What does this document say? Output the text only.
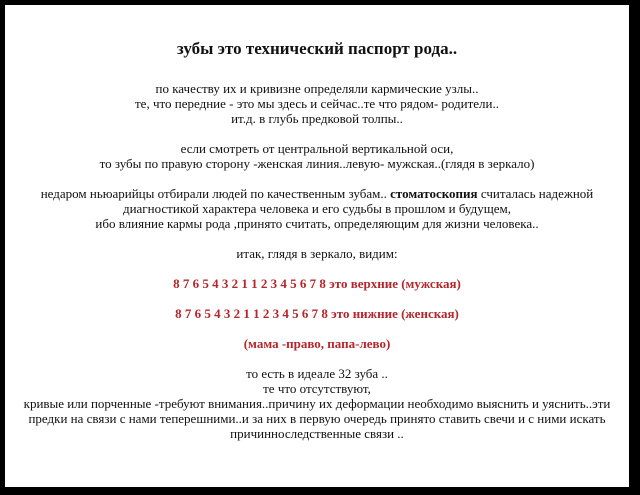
зубы это технический паспорт рода..
по качеству их и кривизне определяли кармические узлы..
те, что передние - это мы здесь и сейчас..те что рядом- родители..
ит.д. в глубь предковой толпы..
если смотреть от центральной вертикальной оси,
то зубы по правую сторону -женская линия..левую- мужская..(глядя в зеркало)
недаром ньюарийцы отбирали людей по качественным зубам.. стоматоскопия считалась надежной
диагностикой характера человека и его судьбы в прошлом и будущем,
ибо влияние кармы рода ,принято считать, определяющим для жизни человека..
итак, глядя в зеркало, видим:
8 7 6 5 4 3 2 1 1 2 3 4 5 6 7 8 это верхние (мужская)
8 7 6 5 4 3 2 1 1 2 3 4 5 6 7 8 это нижние (женская)
(мама -право, папа-лево)
то есть в идеале 32 зуба ..
те что отсутствуют,
кривые или порченные -требуют внимания..причину их деформации необходимо выяснить и уяснить..эти
предки на связи с нами теперешними..и за них в первую очередь принято ставить свечи и с ними искать
причинноследственные связи ..
